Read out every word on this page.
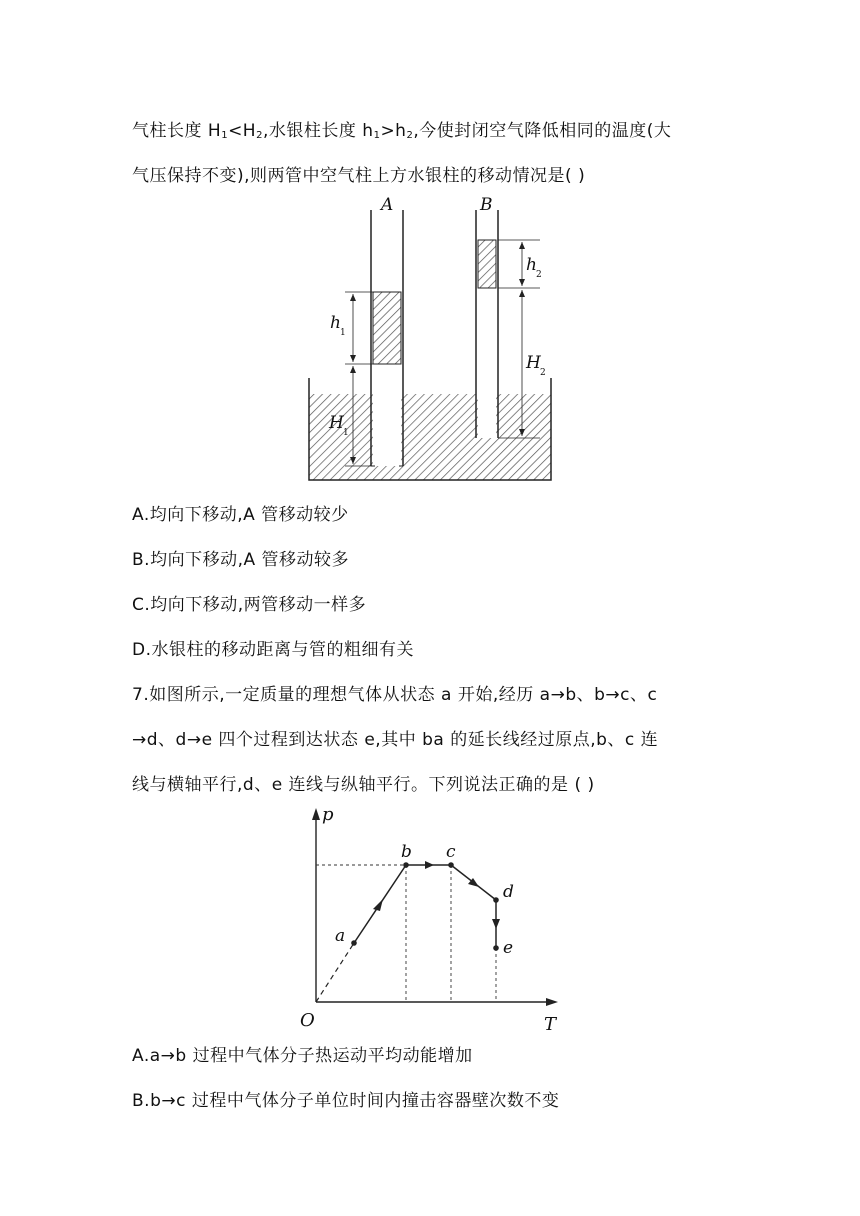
气柱长度 $H_1<H_2$,水银柱长度 $h_1>h_2$,今使封闭空气降低相同的温度(大
气压保持不变),则两管中空气柱上方水银柱的移动情况是( )
A	B
h 1
H 1
h 2
H 2
A.均向下移动,A 管移动较少
B.均向下移动,A 管移动较多
C.均向下移动,两管移动一样多
D.水银柱的移动距离与管的粗细有关
7.如图所示,一定质量的理想气体从状态 a 开始,经历 a→b、b→c、c
→d、d→e 四个过程到达状态 e,其中 ba 的延长线经过原点,b、c 连
线与横轴平行,d、e 连线与纵轴平行。下列说法正确的是 ( )
p
T
O
a
b c
d
e
A.a→b 过程中气体分子热运动平均动能增加
B.b→c 过程中气体分子单位时间内撞击容器壁次数不变
